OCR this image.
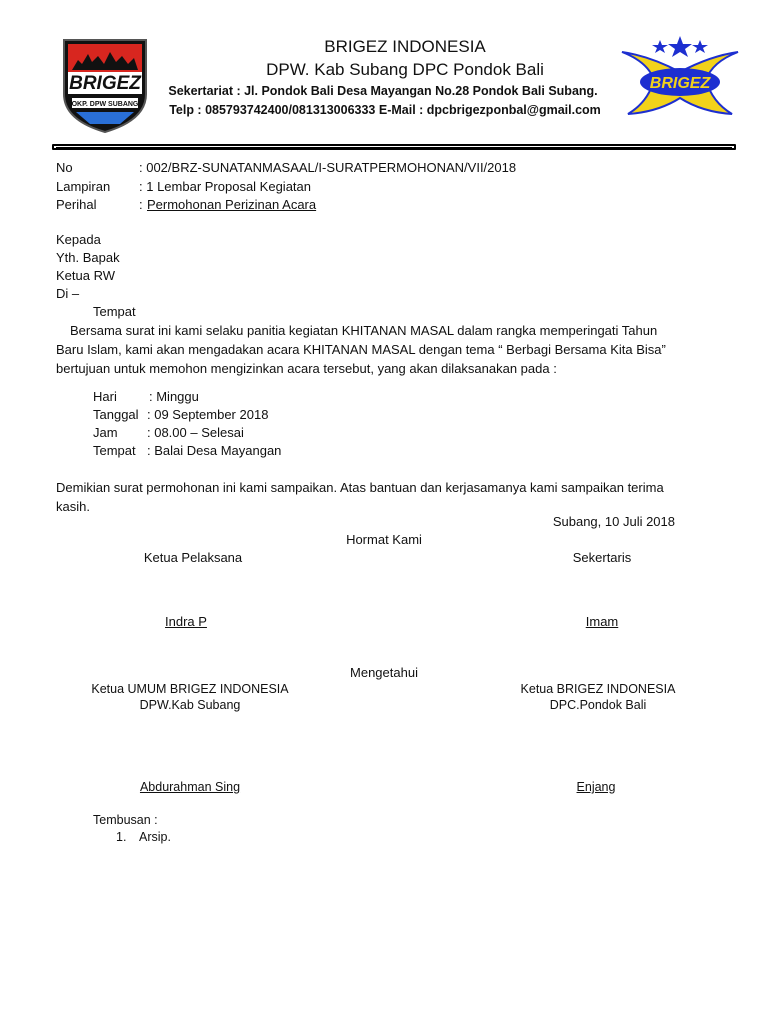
BRIGEZ
OKP. DPW SUBANG
BRIGEZ
BRIGEZ INDONESIA
DPW. Kab Subang DPC Pondok Bali
Sekertariat : Jl. Pondok Bali Desa Mayangan No.28 Pondok Bali Subang.
Telp : 085793742400/081313006333 E-Mail : dpcbrigezponbal@gmail.com
No	: 002/BRZ-SUNATANMASAAL/I-SURATPERMOHONAN/VII/2018
Lampiran : 1 Lembar Proposal Kegiatan
Perihal	: Permohonan Perizinan Acara
Kepada
Yth. Bapak
Ketua RW
Di –
Tempat

Bersama surat ini kami selaku panitia kegiatan KHITANAN MASAL dalam rangka memperingati Tahun Baru Islam, kami akan mengadakan acara KHITANAN MASAL dengan tema “ Berbagi Bersama Kita Bisa” bertujuan untuk memohon mengizinkan acara tersebut, yang akan dilaksanakan pada :

Hari : Minggu
Tanggal : 09 September 2018
Jam : 08.00 – Selesai
Tempat : Balai Desa Mayangan

Demikian surat permohonan ini kami sampaikan. Atas bantuan dan kerjasamanya kami sampaikan terima kasih.

Subang, 10 Juli 2018
Hormat Kami
Ketua Pelaksana	Sekertaris
Indra P	Imam
Mengetahui
Ketua UMUM BRIGEZ INDONESIA
DPW.Kab Subang
Ketua BRIGEZ INDONESIA
DPC.Pondok Bali
Abdurahman Sing	Enjang
Tembusan :
1. Arsip.
